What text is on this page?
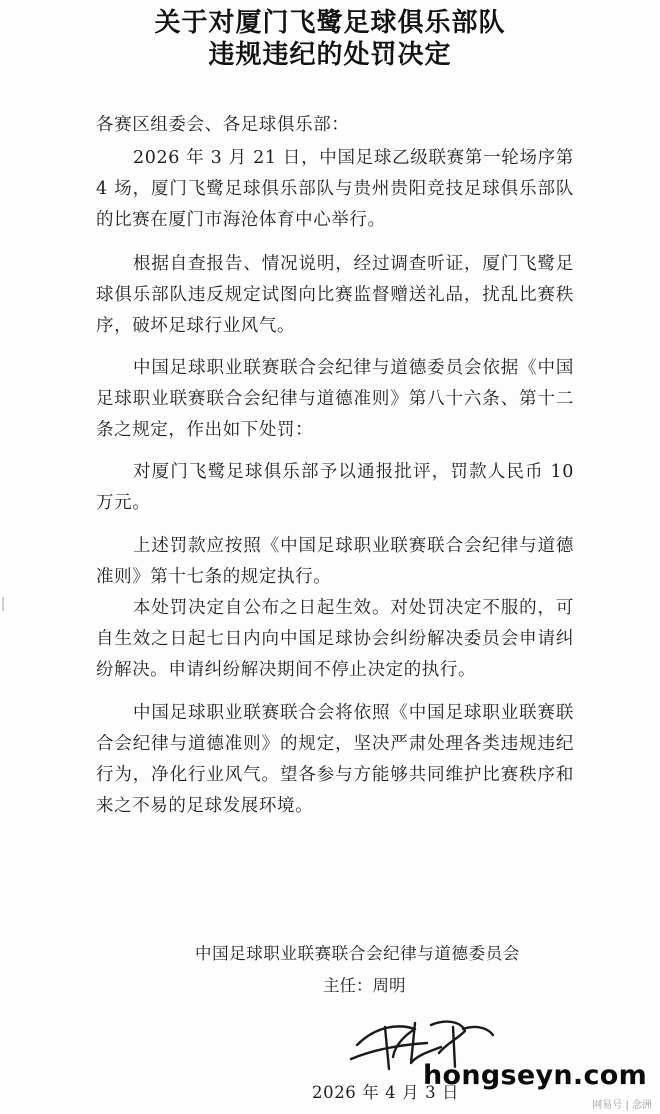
关于对厦门飞鹭足球俱乐部队
违规违纪的处罚决定

各赛区组委会、各足球俱乐部：

2026 年 3 月 21 日，中国足球乙级联赛第一轮场序第 4 场，厦门飞鹭足球俱乐部队与贵州贵阳竞技足球俱乐部队的比赛在厦门市海沧体育中心举行。

根据自查报告、情况说明，经过调查听证，厦门飞鹭足球俱乐部队违反规定试图向比赛监督赠送礼品，扰乱比赛秩序，破坏足球行业风气。

中国足球职业联赛联合会纪律与道德委员会依据《中国足球职业联赛联合会纪律与道德准则》第八十六条、第十二条之规定，作出如下处罚：

对厦门飞鹭足球俱乐部予以通报批评，罚款人民币 10 万元。

上述罚款应按照《中国足球职业联赛联合会纪律与道德准则》第十七条的规定执行。

本处罚决定自公布之日起生效。对处罚决定不服的，可自生效之日起七日内向中国足球协会纠纷解决委员会申请纠纷解决。申请纠纷解决期间不停止决定的执行。

中国足球职业联赛联合会将依照《中国足球职业联赛联合会纪律与道德准则》的规定，坚决严肃处理各类违规违纪行为，净化行业风气。望各参与方能够共同维护比赛秩序和来之不易的足球发展环境。

中国足球职业联赛联合会纪律与道德委员会
主任：周明
2026 年 4 月 3 日
hongseyn.com
网易号 | 念洲
